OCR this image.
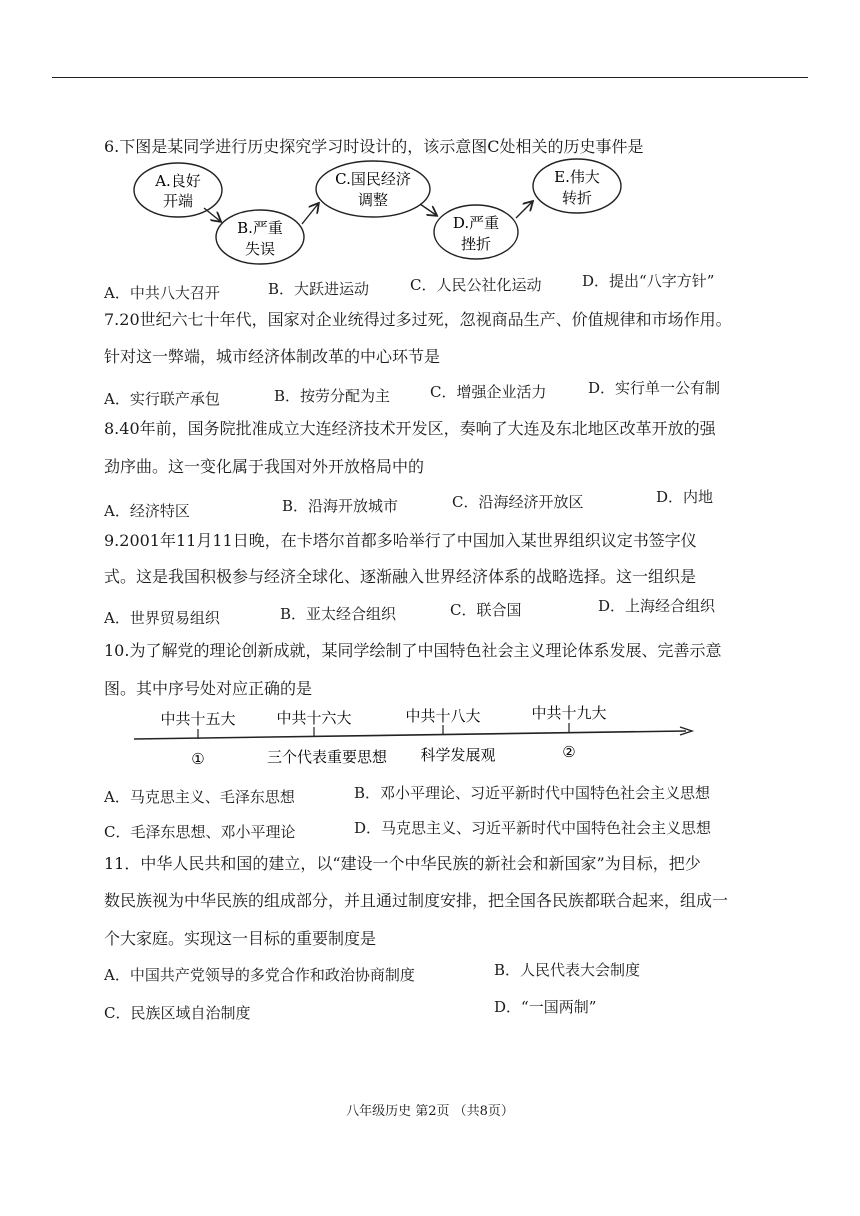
6.下图是某同学进行历史探究学习时设计的，该示意图C处相关的历史事件是
A.良好
开端
B.严重
失误
C.国民经济
调整
D.严重
挫折
E.伟大
转折
A．中共八大召开	B．大跃进运动	C．人民公社化运动	D．提出“八字方针”
7.20世纪六七十年代，国家对企业统得过多过死，忽视商品生产、价值规律和市场作用。
针对这一弊端，城市经济体制改革的中心环节是
A．实行联产承包	B．按劳分配为主	C．增强企业活力	D．实行单一公有制
8.40年前，国务院批准成立大连经济技术开发区，奏响了大连及东北地区改革开放的强
劲序曲。这一变化属于我国对外开放格局中的
A．经济特区	B．沿海开放城市	C．沿海经济开放区	D．内地
9.2001年11月11日晚，在卡塔尔首都多哈举行了中国加入某世界组织议定书签字仪
式。这是我国积极参与经济全球化、逐渐融入世界经济体系的战略选择。这一组织是
A．世界贸易组织	B．亚太经合组织	C．联合国	D．上海经合组织
10.为了解党的理论创新成就，某同学绘制了中国特色社会主义理论体系发展、完善示意
图。其中序号处对应正确的是
中共十五大	中共十六大	中共十八大	中共十九大
①	三个代表重要思想 科学发展观	②
A．马克思主义、毛泽东思想	B．邓小平理论、习近平新时代中国特色社会主义思想
C．毛泽东思想、邓小平理论	D．马克思主义、习近平新时代中国特色社会主义思想
11．中华人民共和国的建立，以“建设一个中华民族的新社会和新国家”为目标，把少
数民族视为中华民族的组成部分，并且通过制度安排，把全国各民族都联合起来，组成一
个大家庭。实现这一目标的重要制度是
A．中国共产党领导的多党合作和政治协商制度	B．人民代表大会制度
C．民族区域自治制度	D．“一国两制”
八年级历史 第2页 （共8页）
